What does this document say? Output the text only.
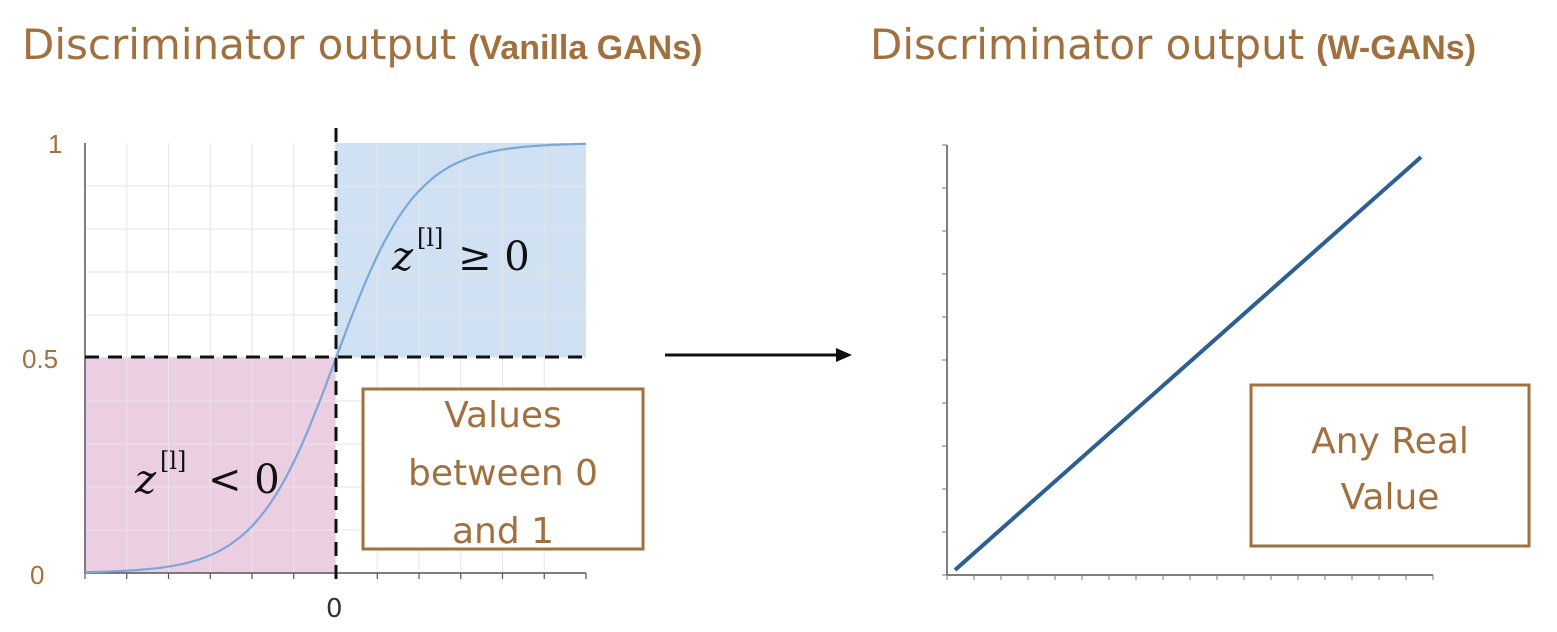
Discriminator output (Vanilla GANs)	Discriminator output (W-GANs)
1
0.5
0
0
z [l] ≥ 0
z [l] < 0
Values
between 0
and 1
Any Real
Value
